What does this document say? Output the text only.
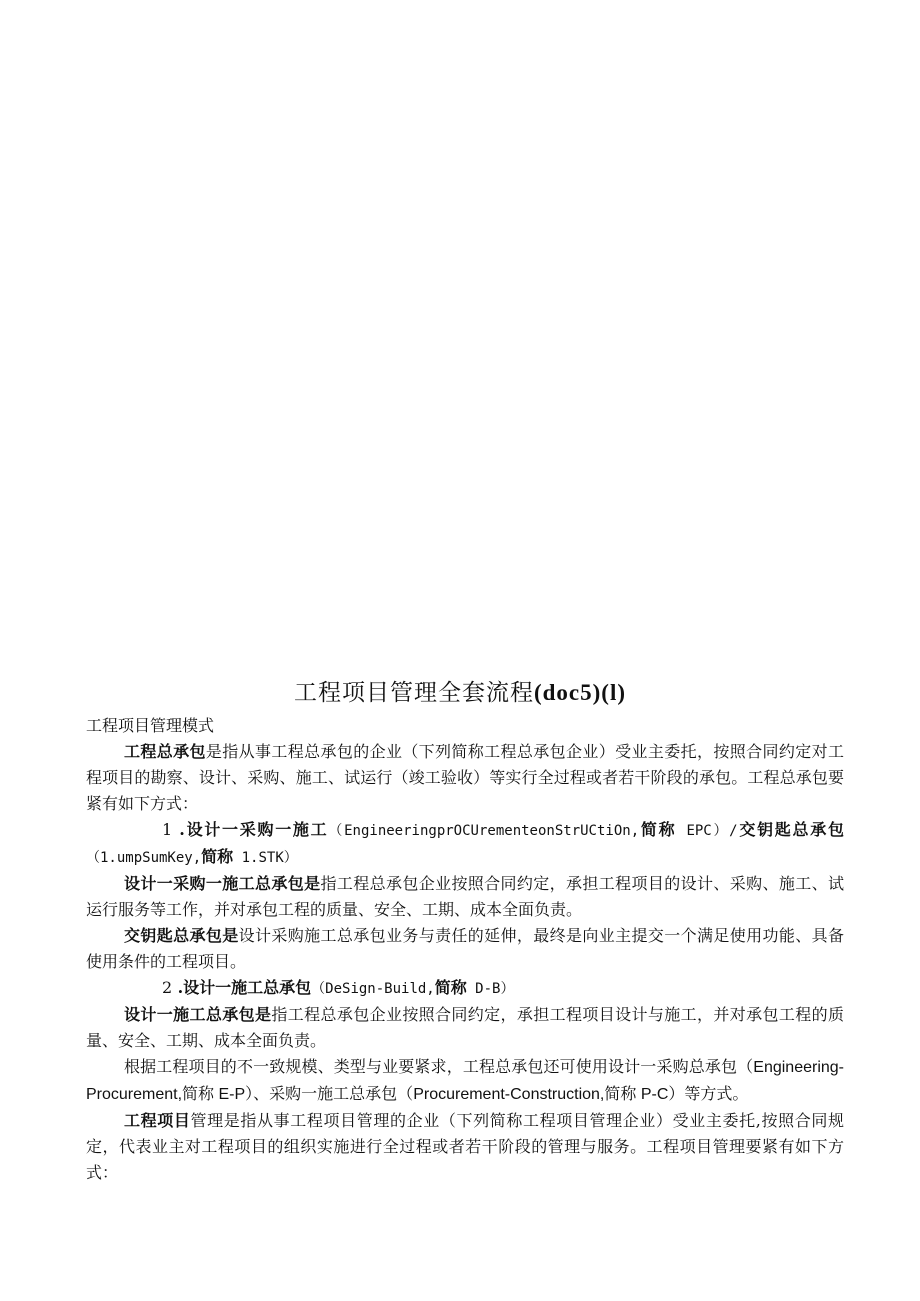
工程项目管理全套流程(doc5)(l)

工程项目管理模式

工程总承包是指从事工程总承包的企业（下列简称工程总承包企业）受业主委托，按照合同约定对工程项目的勘察、设计、采购、施工、试运行（竣工验收）等实行全过程或者若干阶段的承包。工程总承包要紧有如下方式：

1 .设计一采购一施工（EngineeringprOCUrementeonStrUCtiOn,简称 EPC）/交钥匙总承包（1.umpSumKey,简称 1.STK）

设计一采购一施工总承包是指工程总承包企业按照合同约定，承担工程项目的设计、采购、施工、试运行服务等工作，并对承包工程的质量、安全、工期、成本全面负责。

交钥匙总承包是设计采购施工总承包业务与责任的延伸，最终是向业主提交一个满足使用功能、具备使用条件的工程项目。

2 .设计一施工总承包（DeSign-Build,简称 D-B）

设计一施工总承包是指工程总承包企业按照合同约定，承担工程项目设计与施工，并对承包工程的质量、安全、工期、成本全面负责。

根据工程项目的不一致规模、类型与业要紧求，工程总承包还可使用设计一采购总承包（Engineering-Procurement,简称 E-P）、采购一施工总承包（Procurement-Construction,简称 P-C）等方式。

工程项目管理是指从事工程项目管理的企业（下列简称工程项目管理企业）受业主委托,按照合同规定，代表业主对工程项目的组织实施进行全过程或者若干阶段的管理与服务。工程项目管理要紧有如下方式：
